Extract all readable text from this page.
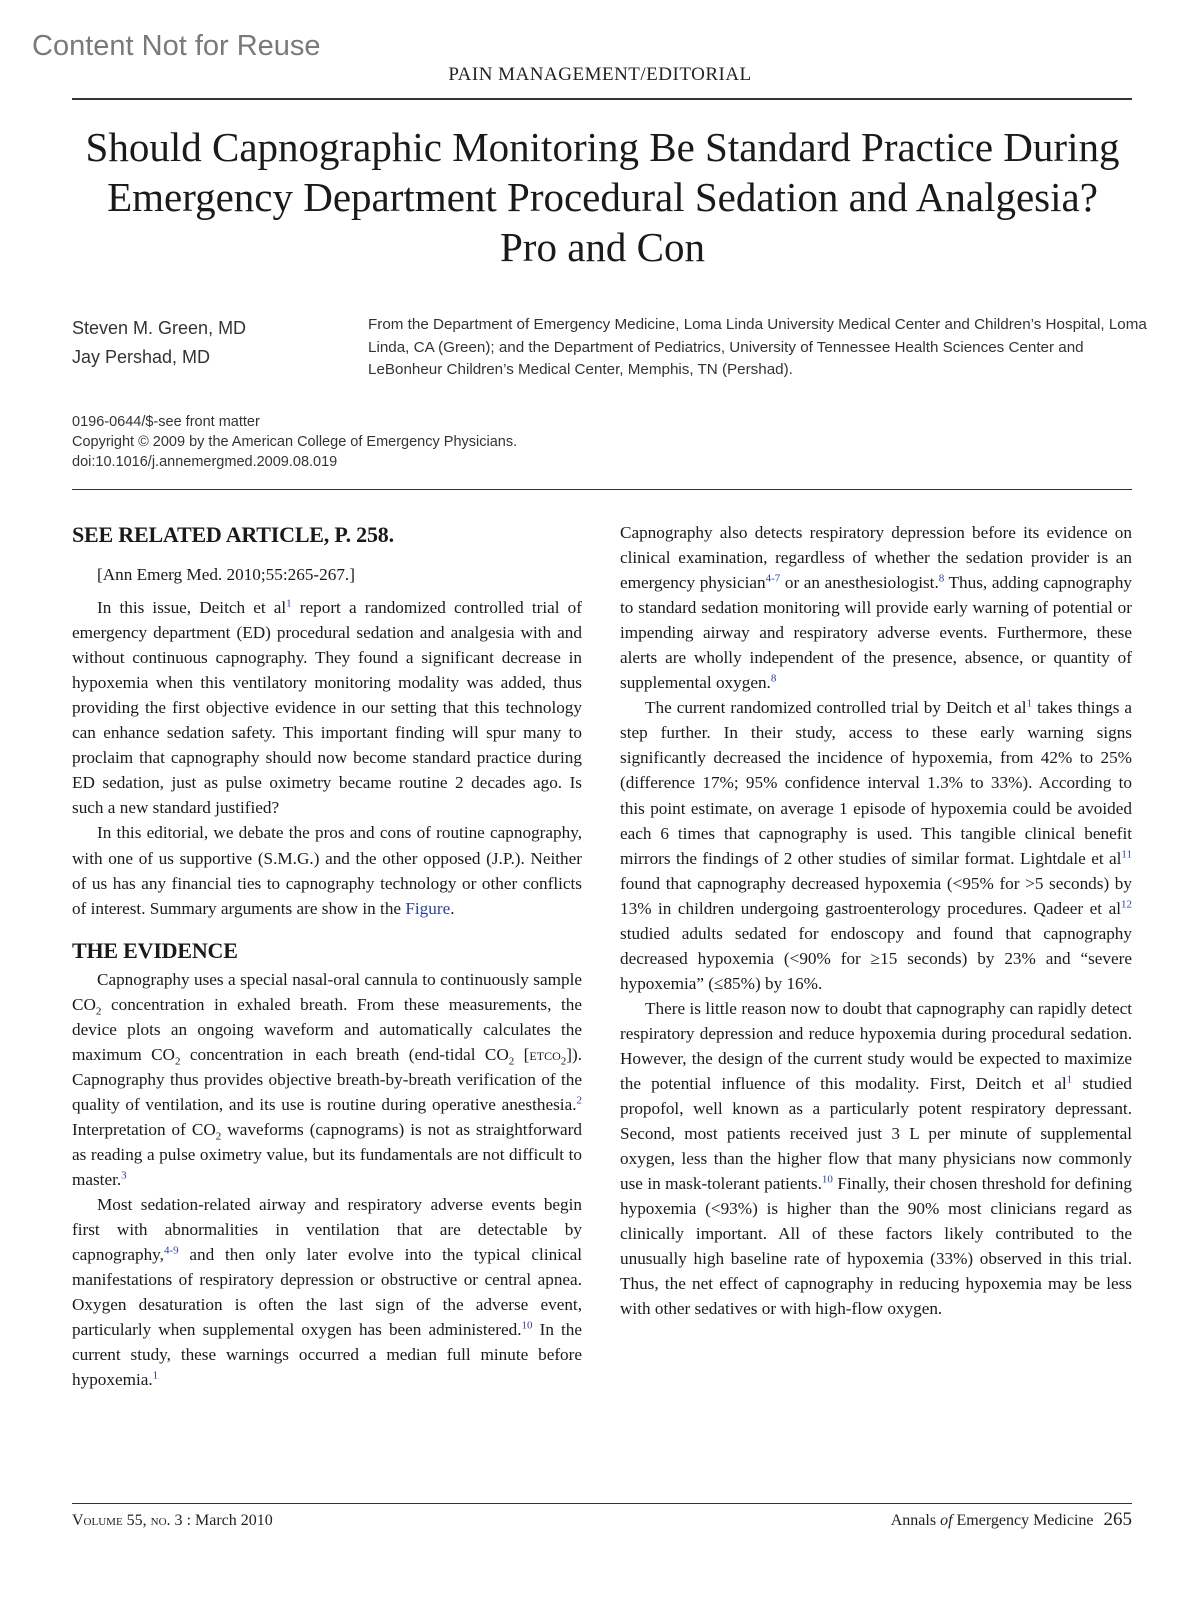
Content Not for Reuse
PAIN MANAGEMENT/EDITORIAL
Should Capnographic Monitoring Be Standard Practice During
Emergency Department Procedural Sedation and Analgesia?
Pro and Con
Steven M. Green, MD
Jay Pershad, MD
From the Department of Emergency Medicine, Loma Linda University Medical Center and Children’s Hospital, Loma Linda, CA (Green); and the Department of Pediatrics, University of Tennessee Health Sciences Center and LeBonheur Children’s Medical Center, Memphis, TN (Pershad).
0196-0644/$-see front matter
Copyright © 2009 by the American College of Emergency Physicians.
doi:10.1016/j.annemergmed.2009.08.019
SEE RELATED ARTICLE, P. 258.
[Ann Emerg Med. 2010;55:265-267.]

In this issue, Deitch et al$^1$ report a randomized controlled trial of emergency department (ED) procedural sedation and analgesia with and without continuous capnography. They found a significant decrease in hypoxemia when this ventilatory monitoring modality was added, thus providing the first objective evidence in our setting that this technology can enhance sedation safety. This important finding will spur many to proclaim that capnography should now become standard practice during ED sedation, just as pulse oximetry became routine 2 decades ago. Is such a new standard justified?

In this editorial, we debate the pros and cons of routine capnography, with one of us supportive (S.M.G.) and the other opposed (J.P.). Neither of us has any financial ties to capnography technology or other conflicts of interest. Summary arguments are show in the Figure.

THE EVIDENCE

Capnography uses a special nasal-oral cannula to continuously sample $CO_2$ concentration in exhaled breath. From these measurements, the device plots an ongoing waveform and automatically calculates the maximum $CO_2$ concentration in each breath (end-tidal $CO_2$ [etco$_2$]). Capnography thus provides objective breath-by-breath verification of the quality of ventilation, and its use is routine during operative anesthesia.$^2$ Interpretation of $CO_2$ waveforms (capnograms) is not as straightforward as reading a pulse oximetry value, but its fundamentals are not difficult to master.$^3$

Most sedation-related airway and respiratory adverse events begin first with abnormalities in ventilation that are detectable by capnography,$^{4-9}$ and then only later evolve into the typical clinical manifestations of respiratory depression or obstructive or central apnea. Oxygen desaturation is often the last sign of the adverse event, particularly when supplemental oxygen has been administered.$^{10}$ In the current study, these warnings occurred a median full minute before hypoxemia.$^1$

Capnography also detects respiratory depression before its evidence on clinical examination, regardless of whether the sedation provider is an emergency physician$^{4-7}$ or an anesthesiologist.$^8$ Thus, adding capnography to standard sedation monitoring will provide early warning of potential or impending airway and respiratory adverse events. Furthermore, these alerts are wholly independent of the presence, absence, or quantity of supplemental oxygen.$^8$

The current randomized controlled trial by Deitch et al$^1$ takes things a step further. In their study, access to these early warning signs significantly decreased the incidence of hypoxemia, from 42% to 25% (difference 17%; 95% confidence interval 1.3% to 33%). According to this point estimate, on average 1 episode of hypoxemia could be avoided each 6 times that capnography is used. This tangible clinical benefit mirrors the findings of 2 other studies of similar format. Lightdale et al$^{11}$ found that capnography decreased hypoxemia (<95% for >5 seconds) by 13% in children undergoing gastroenterology procedures. Qadeer et al$^{12}$ studied adults sedated for endoscopy and found that capnography decreased hypoxemia (<90% for ≥15 seconds) by 23% and “severe hypoxemia” (≤85%) by 16%.

There is little reason now to doubt that capnography can rapidly detect respiratory depression and reduce hypoxemia during procedural sedation. However, the design of the current study would be expected to maximize the potential influence of this modality. First, Deitch et al$^1$ studied propofol, well known as a particularly potent respiratory depressant. Second, most patients received just 3 L per minute of supplemental oxygen, less than the higher flow that many physicians now commonly use in mask-tolerant patients.$^{10}$ Finally, their chosen threshold for defining hypoxemia (<93%) is higher than the 90% most clinicians regard as clinically important. All of these factors likely contributed to the unusually high baseline rate of hypoxemia (33%) observed in this trial. Thus, the net effect of capnography in reducing hypoxemia may be less with other sedatives or with high-flow oxygen.

Volume 55, no. 3 : March 2010	Annals of Emergency Medicine 265
